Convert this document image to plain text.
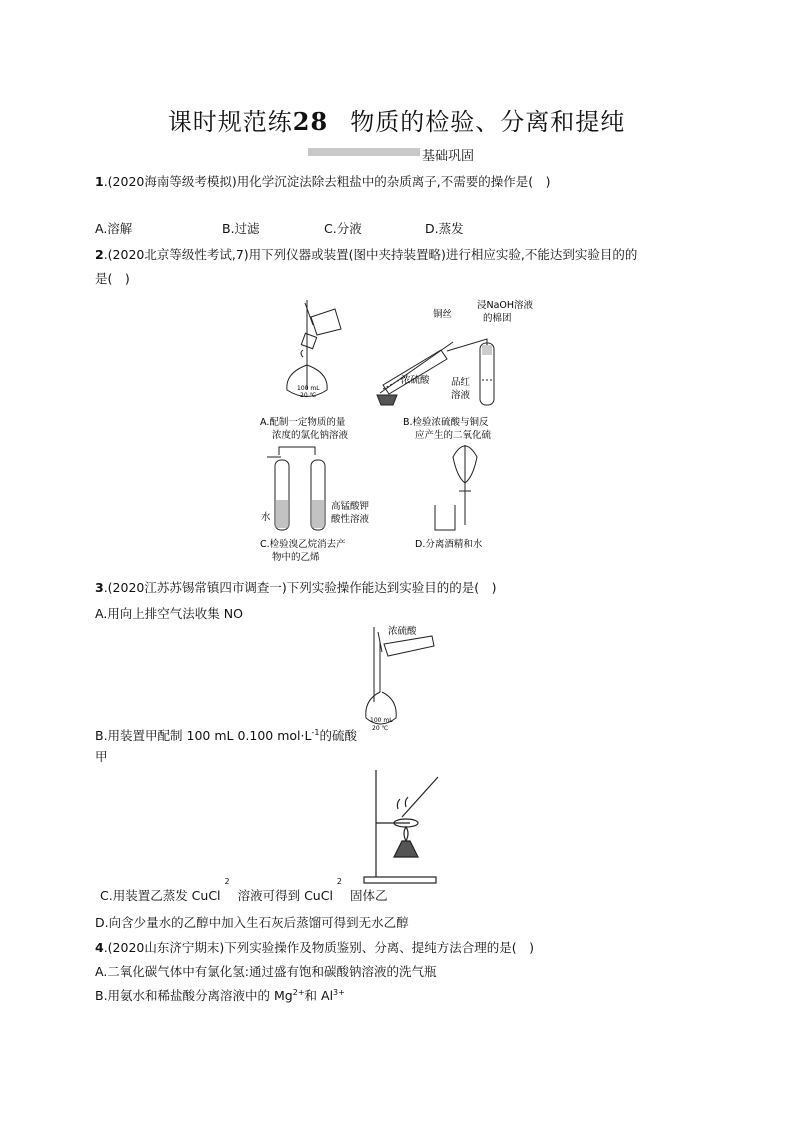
课时规范练28 物质的检验、分离和提纯
基础巩固
1.(2020海南等级考模拟)用化学沉淀法除去粗盐中的杂质离子,不需要的操作是(　)
A.溶解	B.过滤	C.分液	D.蒸发
2.(2020北京等级性考试,7)用下列仪器或装置(图中夹持装置略)进行相应实验,不能达到实验目的的
是(　)
100 mL
20 ℃
A.配制一定物质的量
浓度的氯化钠溶液
铜丝
浸NaOH溶液
的棉团
浓硫酸 品红
溶液
B.检验浓硫酸与铜反
应产生的二氧化硫
水
高锰酸钾
酸性溶液
C.检验溴乙烷消去产
物中的乙烯
D.分离酒精和水
3.(2020江苏苏锡常镇四市调查一)下列实验操作能达到实验目的的是(　)
A.用向上排空气法收集 NO
浓硫酸
100 mL
20 ℃
B.用装置甲配制 100 mL 0.100 $mol\cdot L^{-1}$的硫酸
甲
C.用装置乙蒸发 CuCl $^2$ 溶液可得到 CuCl $^2$ 固体乙
D.向含少量水的乙醇中加入生石灰后蒸馏可得到无水乙醇
4.(2020山东济宁期末)下列实验操作及物质鉴别、分离、提纯方法合理的是(　)
A.二氧化碳气体中有氯化氢:通过盛有饱和碳酸钠溶液的洗气瓶
B.用氨水和稀盐酸分离溶液中的 $Mg^{2+}$和 $Al^{3+}$
